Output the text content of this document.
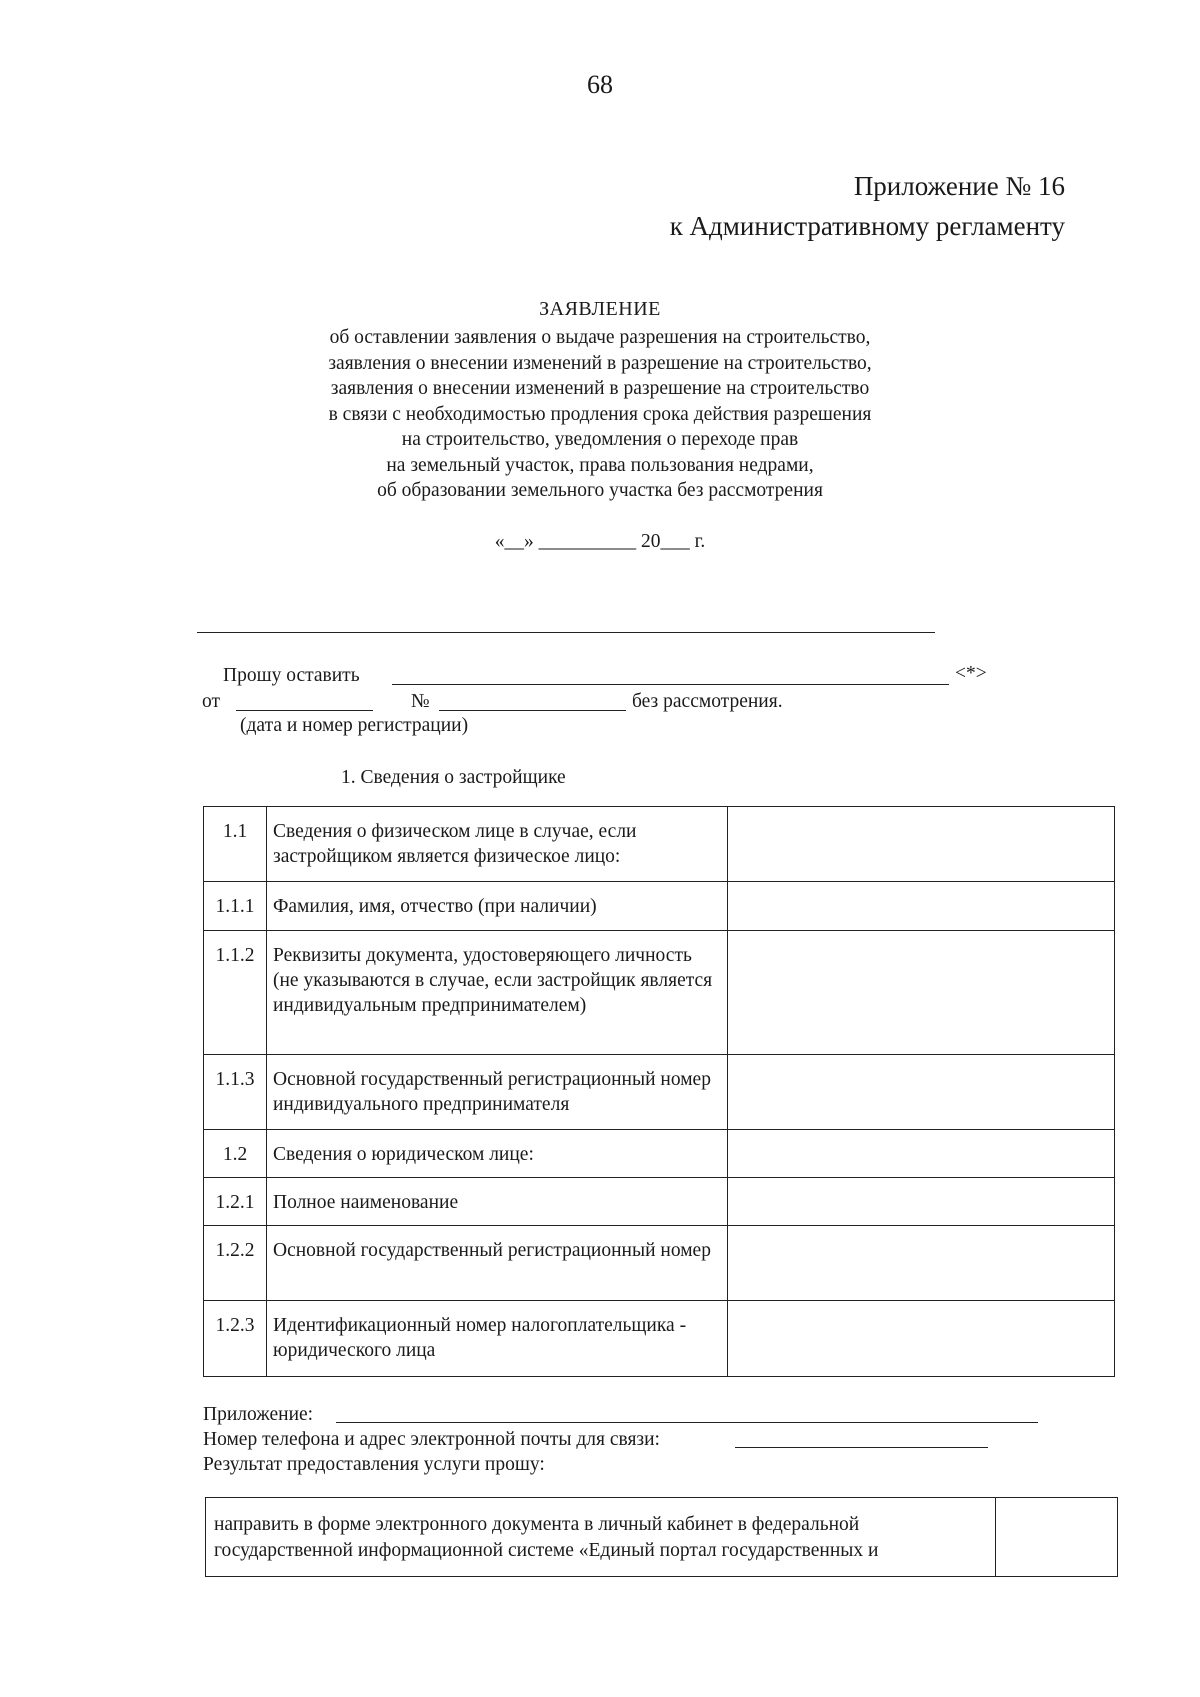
68
Приложение № 16
к Административному регламенту
ЗАЯВЛЕНИЕ
об оставлении заявления о выдаче разрешения на строительство,
заявления о внесении изменений в разрешение на строительство,
заявления о внесении изменений в разрешение на строительство
в связи с необходимостью продления срока действия разрешения
на строительство, уведомления о переходе прав
на земельный участок, права пользования недрами,
об образовании земельного участка без рассмотрения
«__» __________ 20___ г.
Прошу оставить	<*>
от	№	без рассмотрения.
(дата и номер регистрации)
1. Сведения о застройщике
1.1	Сведения о физическом лице в случае, если застройщиком является физическое лицо:	
1.1.1	Фамилия, имя, отчество (при наличии)	
1.1.2	Реквизиты документа, удостоверяющего личность (не указываются в случае, если застройщик является индивидуальным предпринимателем)	
1.1.3	Основной государственный регистрационный номер индивидуального предпринимателя	
1.2	Сведения о юридическом лице:	
1.2.1	Полное наименование	
1.2.2	Основной государственный регистрационный номер	
1.2.3	Идентификационный номер налогоплательщика - юридического лица	
Приложение:
Номер телефона и адрес электронной почты для связи:
Результат предоставления услуги прошу:
направить в форме электронного документа в личный кабинет в федеральной государственной информационной системе «Единый портал государственных и	
